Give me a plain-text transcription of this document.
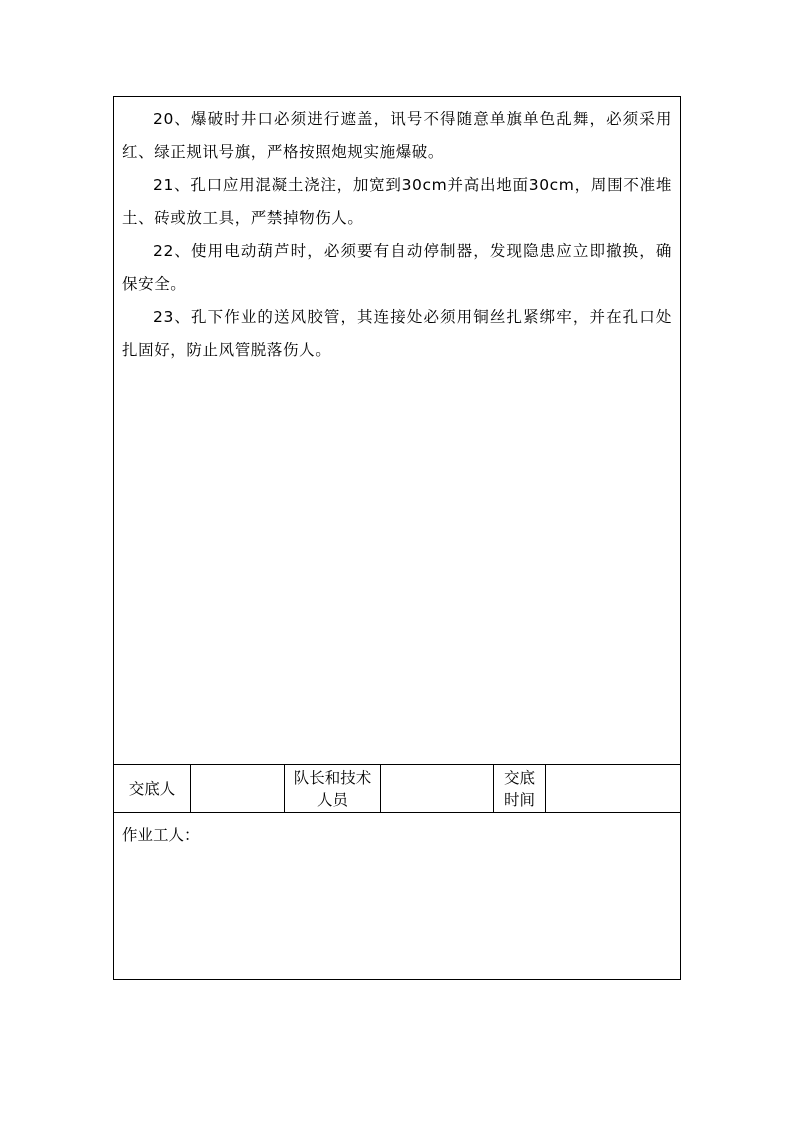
20、爆破时井口必须进行遮盖，讯号不得随意单旗单色乱舞，必须采用红、绿正规讯号旗，严格按照炮规实施爆破。

21、孔口应用混凝土浇注，加宽到30cm并高出地面30cm，周围不准堆土、砖或放工具，严禁掉物伤人。

22、使用电动葫芦时，必须要有自动停制器，发现隐患应立即撤换，确保安全。

23、孔下作业的送风胶管，其连接处必须用铜丝扎紧绑牢，并在孔口处扎固好，防止风管脱落伤人。

交底人
队长和技术人员
交底时间
作业工人：
